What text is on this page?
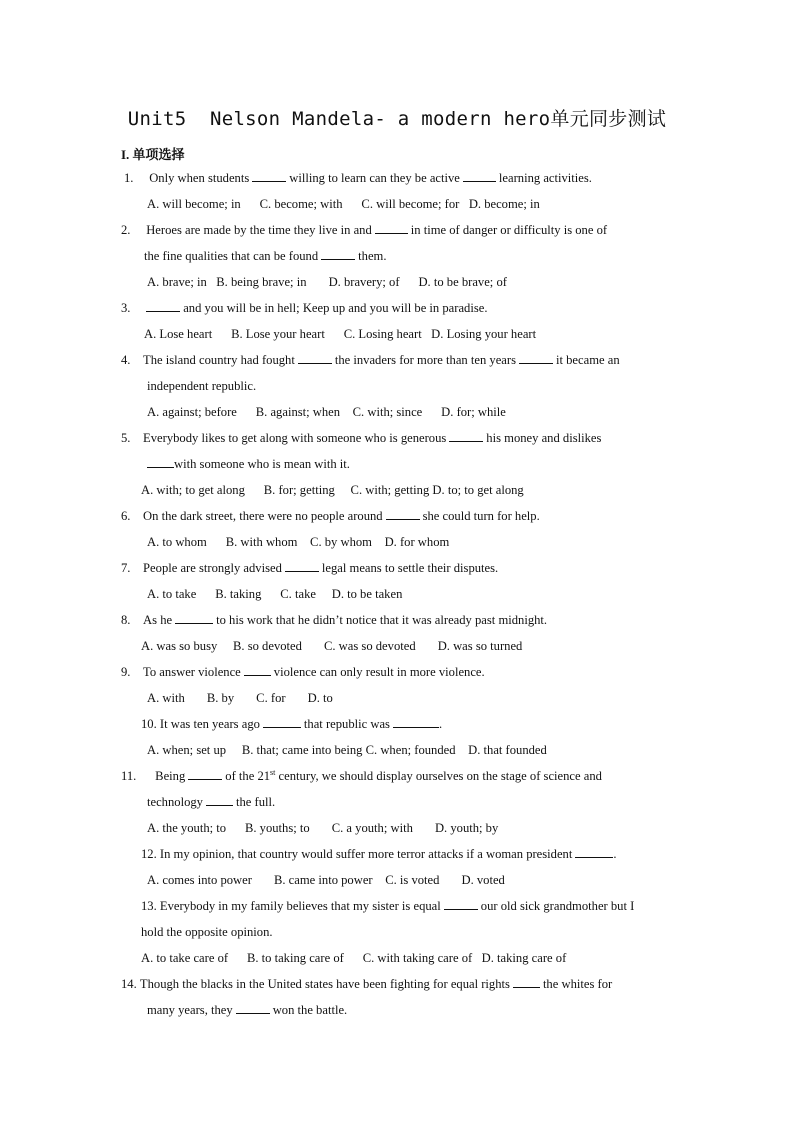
Unit5  Nelson Mandela- a modern hero单元同步测试
I. 单项选择
1. Only when students	willing to learn can they be active	learning activities.
A. will become; in C. become; with C. will become; for D. become; in
2. Heroes are made by the time they live in and	in time of danger or difficulty is one of
the fine qualities that can be found	them.
A. brave; in B. being brave; in D. bravery; of D. to be brave; of
3.	and you will be in hell; Keep up and you will be in paradise.
A. Lose heart B. Lose your heart C. Losing heart D. Losing your heart
4. The island country had fought	the invaders for more than ten years	it became an
independent republic.
A. against; before B. against; when C. with; since D. for; while
5. Everybody likes to get along with someone who is generous	his money and dislikes
with someone who is mean with it.
A. with; to get along B. for; getting C. with; getting D. to; to get along
6. On the dark street, there were no people around	she could turn for help.
A. to whom B. with whom C. by whom D. for whom
7. People are strongly advised	legal means to settle their disputes.
A. to take B. taking C. take D. to be taken
8. As he	to his work that he didn’t notice that it was already past midnight.
A. was so busy B. so devoted C. was so devoted D. was so turned
9. To answer violence	violence can only result in more violence.
A. with B. by C. for D. to
10. It was ten years ago	that republic was	.
A. when; set up B. that; came into being C. when; founded D. that founded
11. Being	of the 21st century, we should display ourselves on the stage of science and
technology	the full.
A. the youth; to B. youths; to C. a youth; with D. youth; by
12. In my opinion, that country would suffer more terror attacks if a woman president	.
A. comes into power B. came into power C. is voted D. voted
13. Everybody in my family believes that my sister is equal	our old sick grandmother but I
hold the opposite opinion.
A. to take care of B. to taking care of C. with taking care of D. taking care of
14. Though the blacks in the United states have been fighting for equal rights	the whites for
many years, they	won the battle.
